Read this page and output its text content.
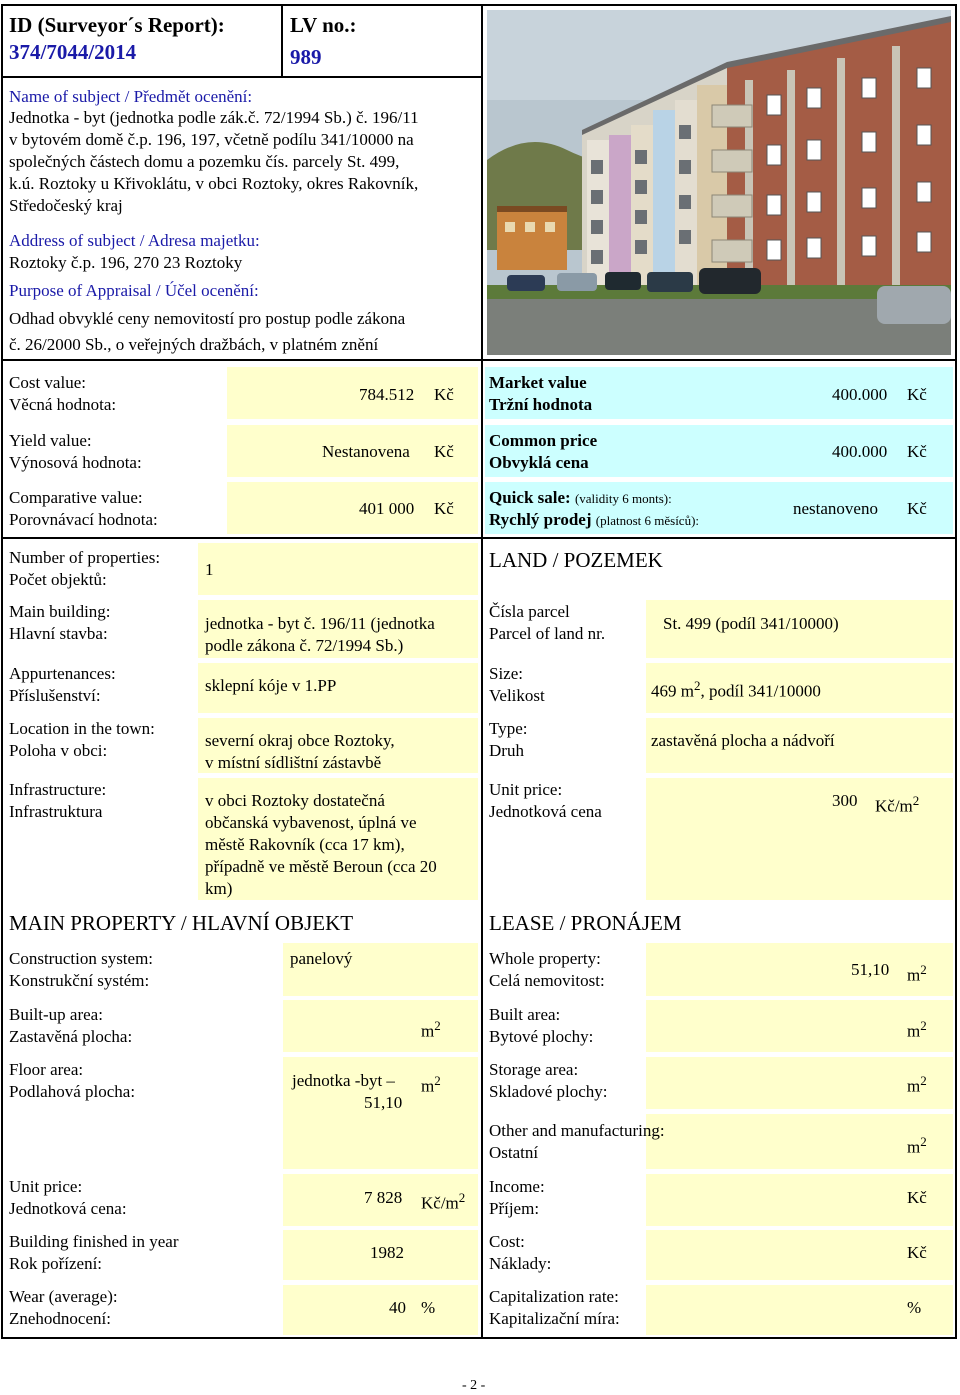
ID (Surveyor´s Report):
374/7044/2014
LV no.:
989
Name of subject / Předmět ocenění:
Jednotka - byt (jednotka podle zák.č. 72/1994 Sb.) č. 196/11
v bytovém domě č.p. 196, 197, včetně podílu 341/10000 na
společných částech domu a pozemku čís. parcely St. 499,
k.ú. Roztoky u Křivoklátu, v obci Roztoky, okres Rakovník,
Středočeský kraj
Address of subject / Adresa majetku:
Roztoky č.p. 196, 270 23 Roztoky
Purpose of Appraisal / Účel ocenění:
Odhad obvyklé ceny nemovitostí pro postup podle zákona
č. 26/2000 Sb., o veřejných dražbách, v platném znění
Cost value:
Věcná hodnota:
784.512 Kč
Yield value:
Výnosová hodnota:
Nestanovena Kč
Comparative value:
Porovnávací hodnota:
401 000 Kč
Market value
Tržní hodnota
400.000 Kč
Common price
Obvyklá cena
400.000 Kč
Quick sale: (validity 6 monts):
Rychlý prodej (platnost 6 měsíců):
nestanoveno Kč
Number of properties:
Počet objektů:
1
Main building:
Hlavní stavba:
jednotka - byt č. 196/11 (jednotka
podle zákona č. 72/1994 Sb.)
Appurtenances:
Příslušenství:
sklepní kóje v 1.PP
Location in the town:
Poloha v obci:
severní okraj obce Roztoky,
v místní sídlištní zástavbě
Infrastructure:
Infrastruktura
v obci Roztoky dostatečná
občanská vybavenost, úplná ve
městě Rakovník (cca 17 km),
případně ve městě Beroun (cca 20
km)
LAND / POZEMEK
Čísla parcel
Parcel of land nr.
St. 499 (podíl 341/10000)
Size:
Velikost	469 $m^2$, podíl 341/10000
Type:
Druh
zastavěná plocha a nádvoří
Unit price:
Jednotková cena
300 $Kč/m^2$
MAIN PROPERTY / HLAVNÍ OBJEKT
Construction system:
Konstrukční systém:
panelový
Built-up area:
Zastavěná plocha:	$m^2$
Floor area:
Podlahová plocha:
jednotka -byt –
51,10
$m^2$
Unit price:
Jednotková cena:
7 828 $Kč/m^2$
Building finished in year
Rok pořízení:
1982
Wear (average):
Znehodnocení:
40 %
LEASE / PRONÁJEM
Whole property:
Celá nemovitost:
51,10 $m^2$
Built area:
Bytové plochy:	$m^2$
Storage area:
Skladové plochy:	$m^2$
Other and manufacturing:
Ostatní	$m^2$
Income:
Příjem:
Kč
Cost:
Náklady:
Kč
Capitalization rate:
Kapitalizační míra:
%
- 2 -
